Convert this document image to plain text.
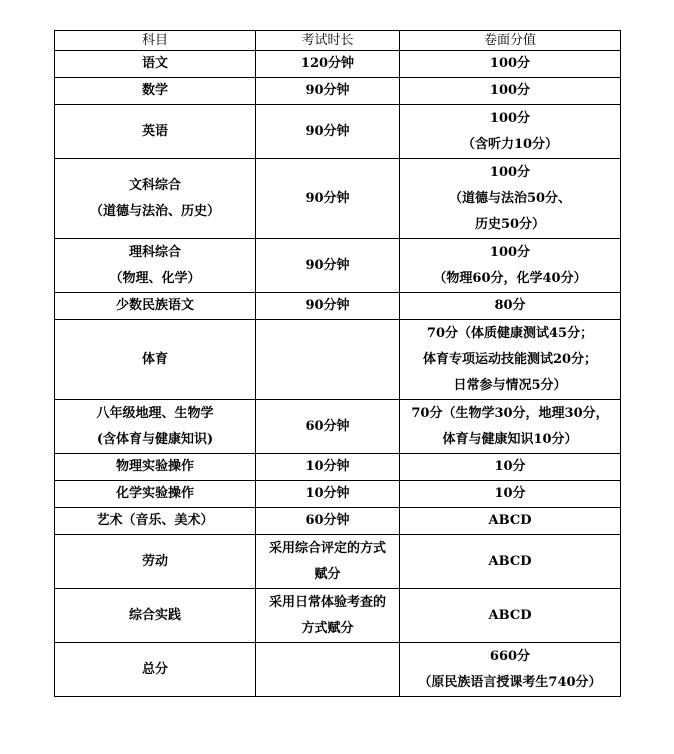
科目	考试时长	卷面分值

语文	120分钟	100分

数学	90分钟	100分

英语	90分钟	100分
（含听力10分）

文科综合
（道德与法治、历史）	90分钟	100分
（道德与法治50分、
历史50分）

理科综合
（物理、化学）	90分钟	100分
（物理60分，化学40分）

少数民族语文	90分钟	80分

体育		70分（体质健康测试45分；
体育专项运动技能测试20分；
日常参与情况5分）

八年级地理、生物学
(含体育与健康知识)	60分钟	70分（生物学30分，地理30分，
体育与健康知识10分）

物理实验操作	10分钟	10分

化学实验操作	10分钟	10分

艺术（音乐、美术）	60分钟	ABCD

劳动	采用综合评定的方式
赋分	ABCD

综合实践	采用日常体验考查的
方式赋分	ABCD

总分		660分
（原民族语言授课考生740分）
